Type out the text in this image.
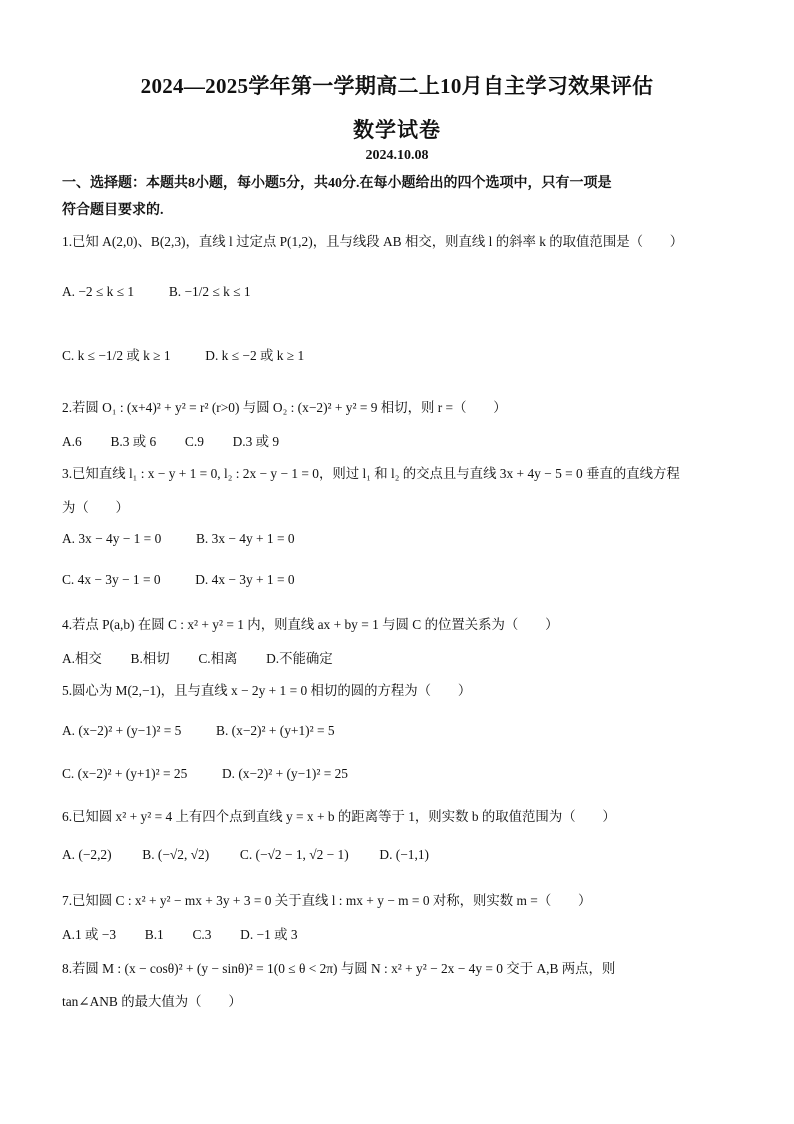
2024—2025学年第一学期高二上10月自主学习效果评估
数学试卷
2024.10.08
一、选择题：本题共8小题，每小题5分，共40分.在每小题给出的四个选项中，只有一项是
符合题目要求的.
1.已知 A(2,0)、B(2,3)，直线 l 过定点 P(1,2)，且与线段 AB 相交，则直线 l 的斜率 k 的取值范围是（　　）
A. −2 ≤ k ≤ 1	B. −1/2 ≤ k ≤ 1
C. k ≤ −1/2 或 k ≥ 1	D. k ≤ −2 或 k ≥ 1
2.若圆 O₁ : (x+4)² + y² = r² (r>0) 与圆 O₂ : (x−2)² + y² = 9 相切，则 r =（　　）
A.6 B.3 或 6 C.9 D.3 或 9
3.已知直线 l₁ : x − y + 1 = 0, l₂ : 2x − y − 1 = 0，则过 l₁ 和 l₂ 的交点且与直线 3x + 4y − 5 = 0 垂直的直线方程
为（　　）
A. 3x − 4y − 1 = 0	B. 3x − 4y + 1 = 0
C. 4x − 3y − 1 = 0	D. 4x − 3y + 1 = 0
4.若点 P(a,b) 在圆 C : x² + y² = 1 内，则直线 ax + by = 1 与圆 C 的位置关系为（　　）
A.相交 B.相切 C.相离 D.不能确定
5.圆心为 M(2,−1)，且与直线 x − 2y + 1 = 0 相切的圆的方程为（　　）
A. (x−2)² + (y−1)² = 5	B. (x−2)² + (y+1)² = 5
C. (x−2)² + (y+1)² = 25	D. (x−2)² + (y−1)² = 25
6.已知圆 x² + y² = 4 上有四个点到直线 y = x + b 的距离等于 1，则实数 b 的取值范围为（　　）
A. (−2,2) B. (−√2, √2) C. (−√2 − 1, √2 − 1) D. (−1,1)
7.已知圆 C : x² + y² − mx + 3y + 3 = 0 关于直线 l : mx + y − m = 0 对称，则实数 m =（　　）
A.1 或 −3 B.1 C.3 D. −1 或 3
8.若圆 M : (x − cosθ)² + (y − sinθ)² = 1(0 ≤ θ < 2π) 与圆 N : x² + y² − 2x − 4y = 0 交于 A,B 两点，则
tan∠ANB 的最大值为（　　）
